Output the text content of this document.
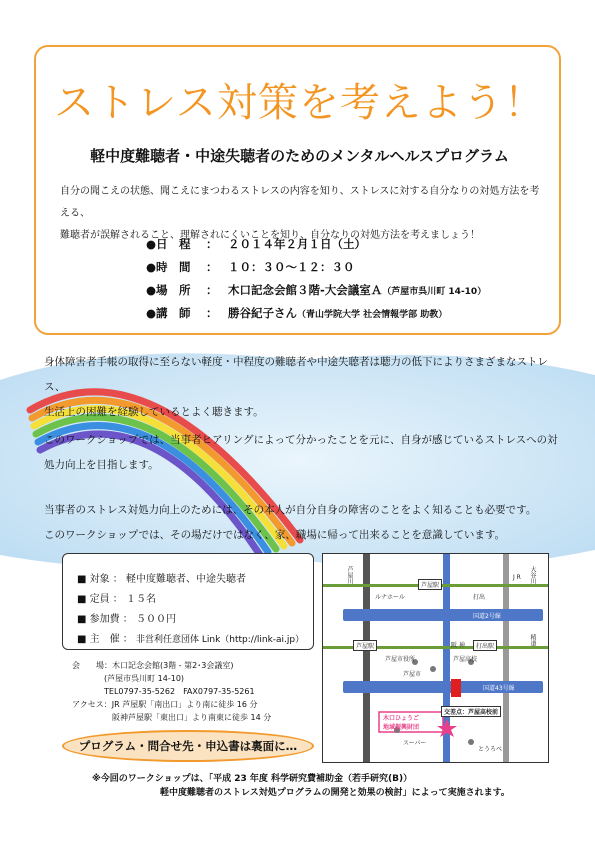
ストレス対策を考えよう！
軽中度難聴者・中途失聴者のためのメンタルヘルスプログラム
自分の聞こえの状態、聞こえにまつわるストレスの内容を知り、ストレスに対する自分なりの対処方法を考える、
難聴者が誤解されること、理解されにくいことを知り、自分なりの対処方法を考えましょう！
●日　程 ： ２０１４年２月１日（土）
●時　間 ： １０：３０～１２：３０
●場　所 ： 木口記念会館３階-大会議室Ａ（芦屋市呉川町 14-10）
●講　師 ： 勝谷紀子さん（青山学院大学 社会情報学部 助教）
身体障害者手帳の取得に至らない軽度・中程度の難聴者や中途失聴者は聴力の低下によりさまざまなストレス、
生活上の困難を経験しているとよく聴きます。
このワークショップでは、当事者ヒアリングによって分かったことを元に、自身が感じているストレスへの対
処力向上を目指します。
当事者のストレス対処力向上のためには、その本人が自分自身の障害のことをよく知ることも必要です。
このワークショップでは、その場だけではなく、家、職場に帰って出来ることを意識しています。
■ 対象 ： 軽中度難聴者、中途失聴者
■ 定員 ： １５名
■ 参加費 ： ５００円
■ 主　催 ： 非営利任意団体 Link（http://link-ai.jp）
会　　場：木口記念会館(3階 - 第2･3会議室)
(芦屋市呉川町 14-10)
TEL0797-35-5262　FAX0797-35-5261
アクセス：JR 芦屋駅「南出口」より南に徒歩 16 分
阪神芦屋駅「東出口」より南東に徒歩 14 分
プログラム・問合せ先・申込書は裏面に…
芦屋駅
J R
国道2号線
芦屋駅	打出駅
阪 神
国道43号線
交差点：芦屋高校前
木口ひょうご
地域振興財団
芦屋川	大谷川
精道
芦屋市役所
芦屋市
芦屋高校
ルナホール	打出
スーパー
とうろべ
※今回のワークショップは、「平成 23 年度 科学研究費補助金（若手研究(B)）
軽中度難聴者のストレス対処プログラムの開発と効果の検討」によって実施されます。
